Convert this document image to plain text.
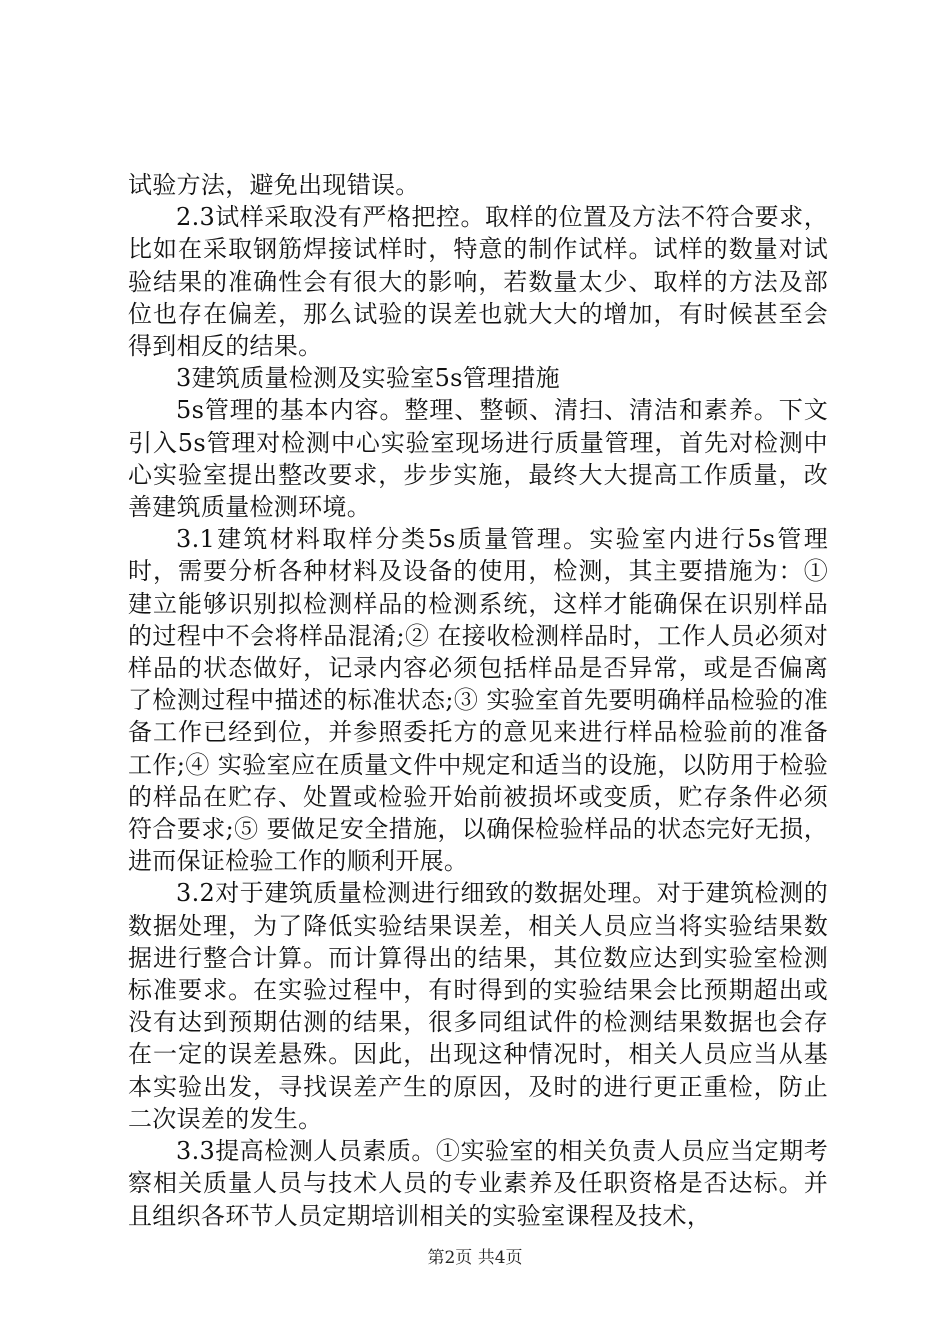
试验方法，避免出现错误。

2.3试样采取没有严格把控。取样的位置及方法不符合要求，比如在采取钢筋焊接试样时，特意的制作试样。试样的数量对试验结果的准确性会有很大的影响，若数量太少、取样的方法及部位也存在偏差，那么试验的误差也就大大的增加，有时候甚至会得到相反的结果。

3建筑质量检测及实验室5s管理措施

5s管理的基本内容。整理、整顿、清扫、清洁和素养。下文引入5s管理对检测中心实验室现场进行质量管理，首先对检测中心实验室提出整改要求，步步实施，最终大大提高工作质量，改善建筑质量检测环境。

3.1建筑材料取样分类5s质量管理。实验室内进行5s管理时，需要分析各种材料及设备的使用，检测，其主要措施为：①建立能够识别拟检测样品的检测系统，这样才能确保在识别样品的过程中不会将样品混淆;② 在接收检测样品时，工作人员必须对样品的状态做好，记录内容必须包括样品是否异常，或是否偏离了检测过程中描述的标准状态;③ 实验室首先要明确样品检验的准备工作已经到位，并参照委托方的意见来进行样品检验前的准备工作;④ 实验室应在质量文件中规定和适当的设施，以防用于检验的样品在贮存、处置或检验开始前被损坏或变质，贮存条件必须符合要求;⑤ 要做足安全措施，以确保检验样品的状态完好无损，进而保证检验工作的顺利开展。

3.2对于建筑质量检测进行细致的数据处理。对于建筑检测的数据处理，为了降低实验结果误差，相关人员应当将实验结果数据进行整合计算。而计算得出的结果，其位数应达到实验室检测标准要求。在实验过程中，有时得到的实验结果会比预期超出或没有达到预期估测的结果，很多同组试件的检测结果数据也会存在一定的误差悬殊。因此，出现这种情况时，相关人员应当从基本实验出发，寻找误差产生的原因，及时的进行更正重检，防止二次误差的发生。

3.3提高检测人员素质。①实验室的相关负责人员应当定期考察相关质量人员与技术人员的专业素养及任职资格是否达标。并且组织各环节人员定期培训相关的实验室课程及技术，

第2页 共4页
